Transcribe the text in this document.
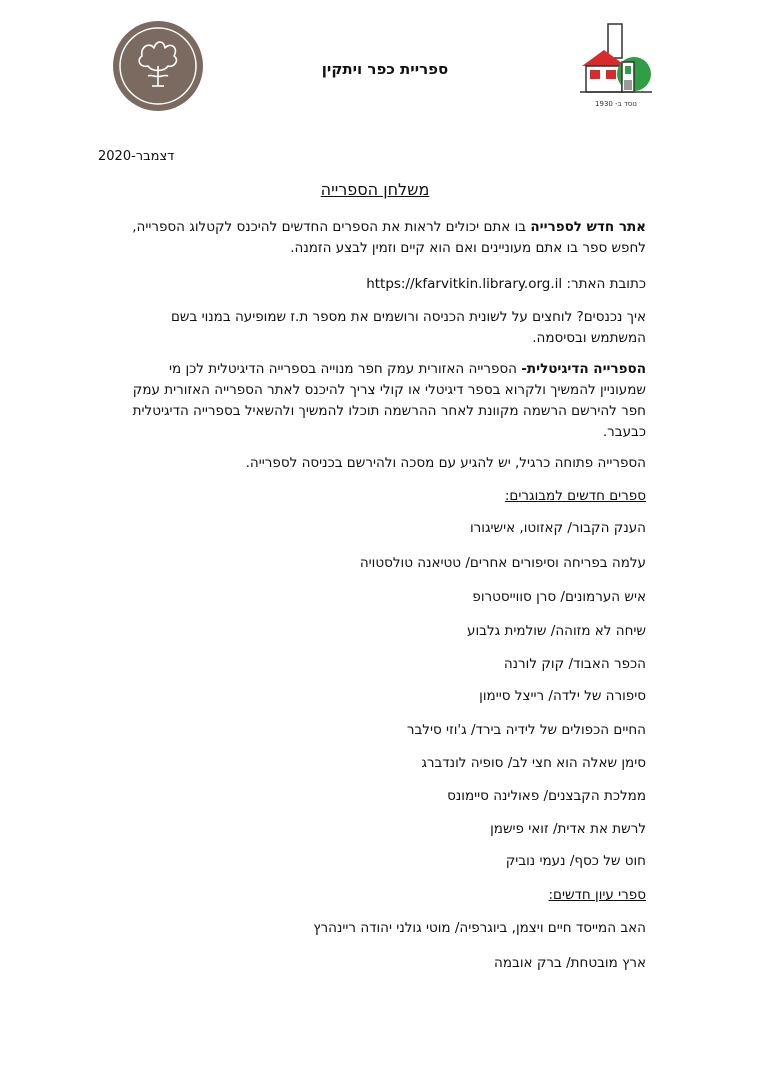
ספריית כפר ויתקין
נוסד ב- 1930
דצמבר-2020
משלחן הספרייה
אתר חדש לספרייה בו אתם יכולים לראות את הספרים החדשים להיכנס לקטלוג הספרייה,
לחפש ספר בו אתם מעוניינים ואם הוא קיים וזמין לבצע הזמנה.
כתובת האתר: https://kfarvitkin.library.org.il
איך נכנסים? לוחצים על לשונית הכניסה ורושמים את מספר ת.ז שמופיעה במנוי בשם
המשתמש ובסיסמה.
הספרייה הדיגיטלית- הספרייה האזורית עמק חפר מנוייה בספרייה הדיגיטלית לכן מי
שמעוניין להמשיך ולקרוא בספר דיגיטלי או קולי צריך להיכנס לאתר הספרייה האזורית עמק
חפר להירשם הרשמה מקוונת לאחר ההרשמה תוכלו להמשיך ולהשאיל בספרייה הדיגיטלית
כבעבר.
הספרייה פתוחה כרגיל, יש להגיע עם מסכה ולהירשם בכניסה לספרייה.
ספרים חדשים למבוגרים:
הענק הקבור/ קאזוטו, אישיגורו
עלמה בפריחה וסיפורים אחרים/ טטיאנה טולסטויה
איש הערמונים/ סרן סווייסטרופ
שיחה לא מזוהה/ שולמית גלבוע
הכפר האבוד/ קוק לורנה
סיפורה של ילדה/ רייצל סיימון
החיים הכפולים של לידיה בירד/ ג'וזי סילבר
סימן שאלה הוא חצי לב/ סופיה לונדברג
ממלכת הקבצנים/ פאולינה סיימונס
לרשת את אדית/ זואי פישמן
חוט של כסף/ נעמי נוביק
ספרי עיון חדשים:
האב המייסד חיים ויצמן, ביוגרפיה/ מוטי גולני יהודה ריינהרץ
ארץ מובטחת/ ברק אובמה
